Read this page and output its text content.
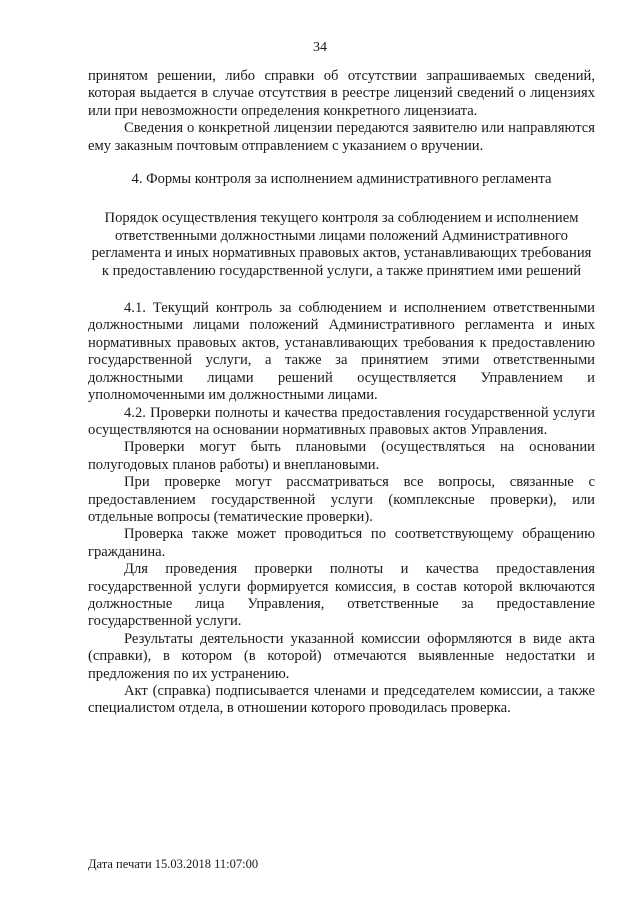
34

принятом решении, либо справки об отсутствии запрашиваемых сведений, которая выдается в случае отсутствия в реестре лицензий сведений о лицензиях или при невозможности определения конкретного лицензиата.

Сведения о конкретной лицензии передаются заявителю или направляются ему заказным почтовым отправлением с указанием о вручении.

4. Формы контроля за исполнением административного регламента

Порядок осуществления текущего контроля за соблюдением и исполнением ответственными должностными лицами положений Административного регламента и иных нормативных правовых актов, устанавливающих требования к предоставлению государственной услуги, а также принятием ими решений

4.1. Текущий контроль за соблюдением и исполнением ответственными должностными лицами положений Административного регламента и иных нормативных правовых актов, устанавливающих требования к предоставлению государственной услуги, а также за принятием этими ответственными должностными лицами решений осуществляется Управлением и уполномоченными им должностными лицами.

4.2. Проверки полноты и качества предоставления государственной услуги осуществляются на основании нормативных правовых актов Управления.

Проверки могут быть плановыми (осуществляться на основании полугодовых планов работы) и внеплановыми.

При проверке могут рассматриваться все вопросы, связанные с предоставлением государственной услуги (комплексные проверки), или отдельные вопросы (тематические проверки).

Проверка также может проводиться по соответствующему обращению гражданина.

Для проведения проверки полноты и качества предоставления государственной услуги формируется комиссия, в состав которой включаются должностные лица Управления, ответственные за предоставление государственной услуги.

Результаты деятельности указанной комиссии оформляются в виде акта (справки), в котором (в которой) отмечаются выявленные недостатки и предложения по их устранению.

Акт (справка) подписывается членами и председателем комиссии, а также специалистом отдела, в отношении которого проводилась проверка.

Дата печати 15.03.2018 11:07:00
